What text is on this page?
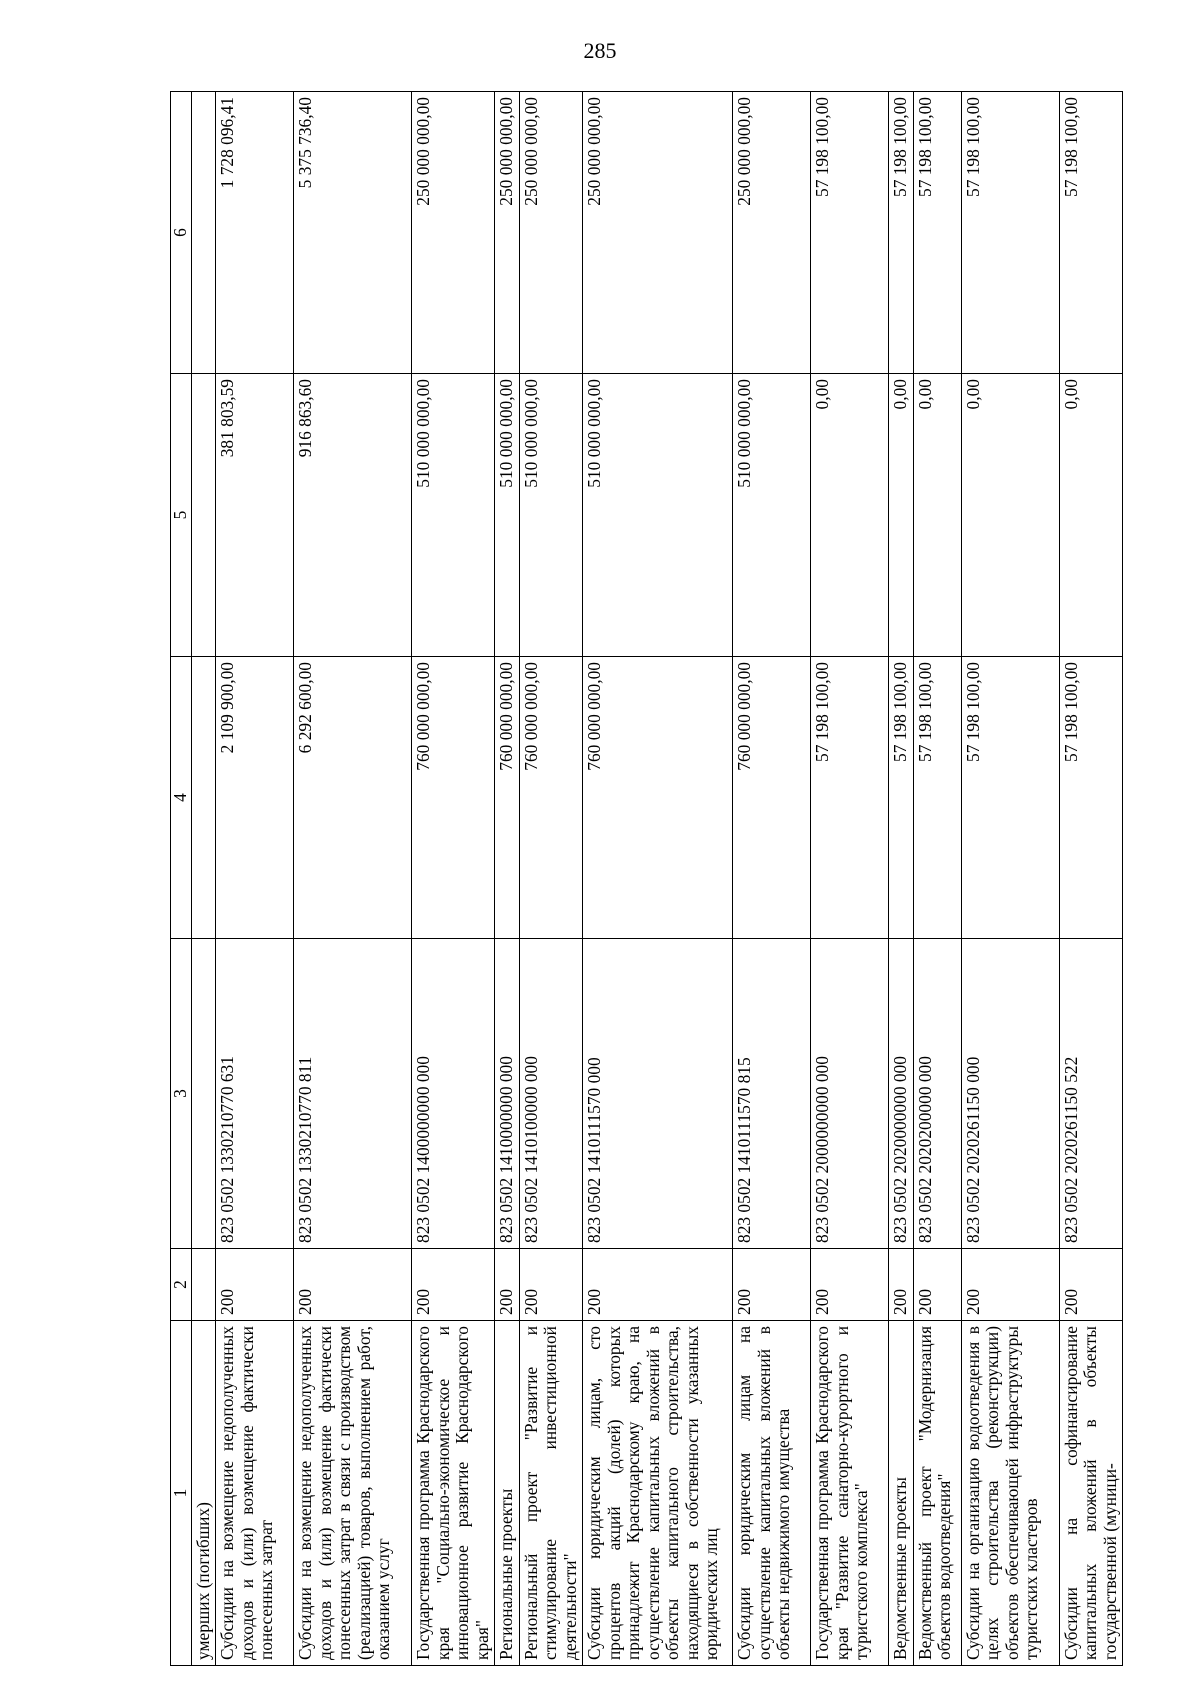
285
1	2	3	4	5	6
умерших (погибших)					
Субсидии на возмещение недополученных доходов и (или) возмещение фактически понесенных затрат	200	823 0502 1330210770 631	2 109 900,00	381 803,59	1 728 096,41
Субсидии на возмещение недополученных доходов и (или) возмещение фактически понесенных затрат в связи с производством (реализацией) товаров, выполнением работ, оказанием услуг	200	823 0502 1330210770 811	6 292 600,00	916 863,60	5 375 736,40
Государственная программа Краснодарского края "Социально-экономическое и инновационное развитие Краснодарского края"	200	823 0502 1400000000 000	760 000 000,00	510 000 000,00	250 000 000,00
Региональные проекты	200	823 0502 1410000000 000	760 000 000,00	510 000 000,00	250 000 000,00
Региональный проект "Развитие и стимулирование инвестиционной деятельности"	200	823 0502 1410100000 000	760 000 000,00	510 000 000,00	250 000 000,00
Субсидии юридическим лицам, сто процентов акций (долей) которых принадлежит Краснодарскому краю, на осуществление капитальных вложений в объекты капитального строительства, находящиеся в собственности указанных юридических лиц	200	823 0502 1410111570 000	760 000 000,00	510 000 000,00	250 000 000,00
Субсидии юридическим лицам на осуществление капитальных вложений в объекты недвижимого имущества	200	823 0502 1410111570 815	760 000 000,00	510 000 000,00	250 000 000,00
Государственная программа Краснодарского края "Развитие санаторно-курортного и туристского комплекса"	200	823 0502 2000000000 000	57 198 100,00	0,00	57 198 100,00
Ведомственные проекты	200	823 0502 2020000000 000	57 198 100,00	0,00	57 198 100,00
Ведомственный проект "Модернизация объектов водоотведения"	200	823 0502 2020200000 000	57 198 100,00	0,00	57 198 100,00
Субсидии на организацию водоотведения в целях строительства (реконструкции) объектов обеспечивающей инфраструктуры туристских кластеров	200	823 0502 2020261150 000	57 198 100,00	0,00	57 198 100,00
Субсидии на софинансирование капитальных вложений в объекты государственной (муници-	200	823 0502 2020261150 522	57 198 100,00	0,00	57 198 100,00
